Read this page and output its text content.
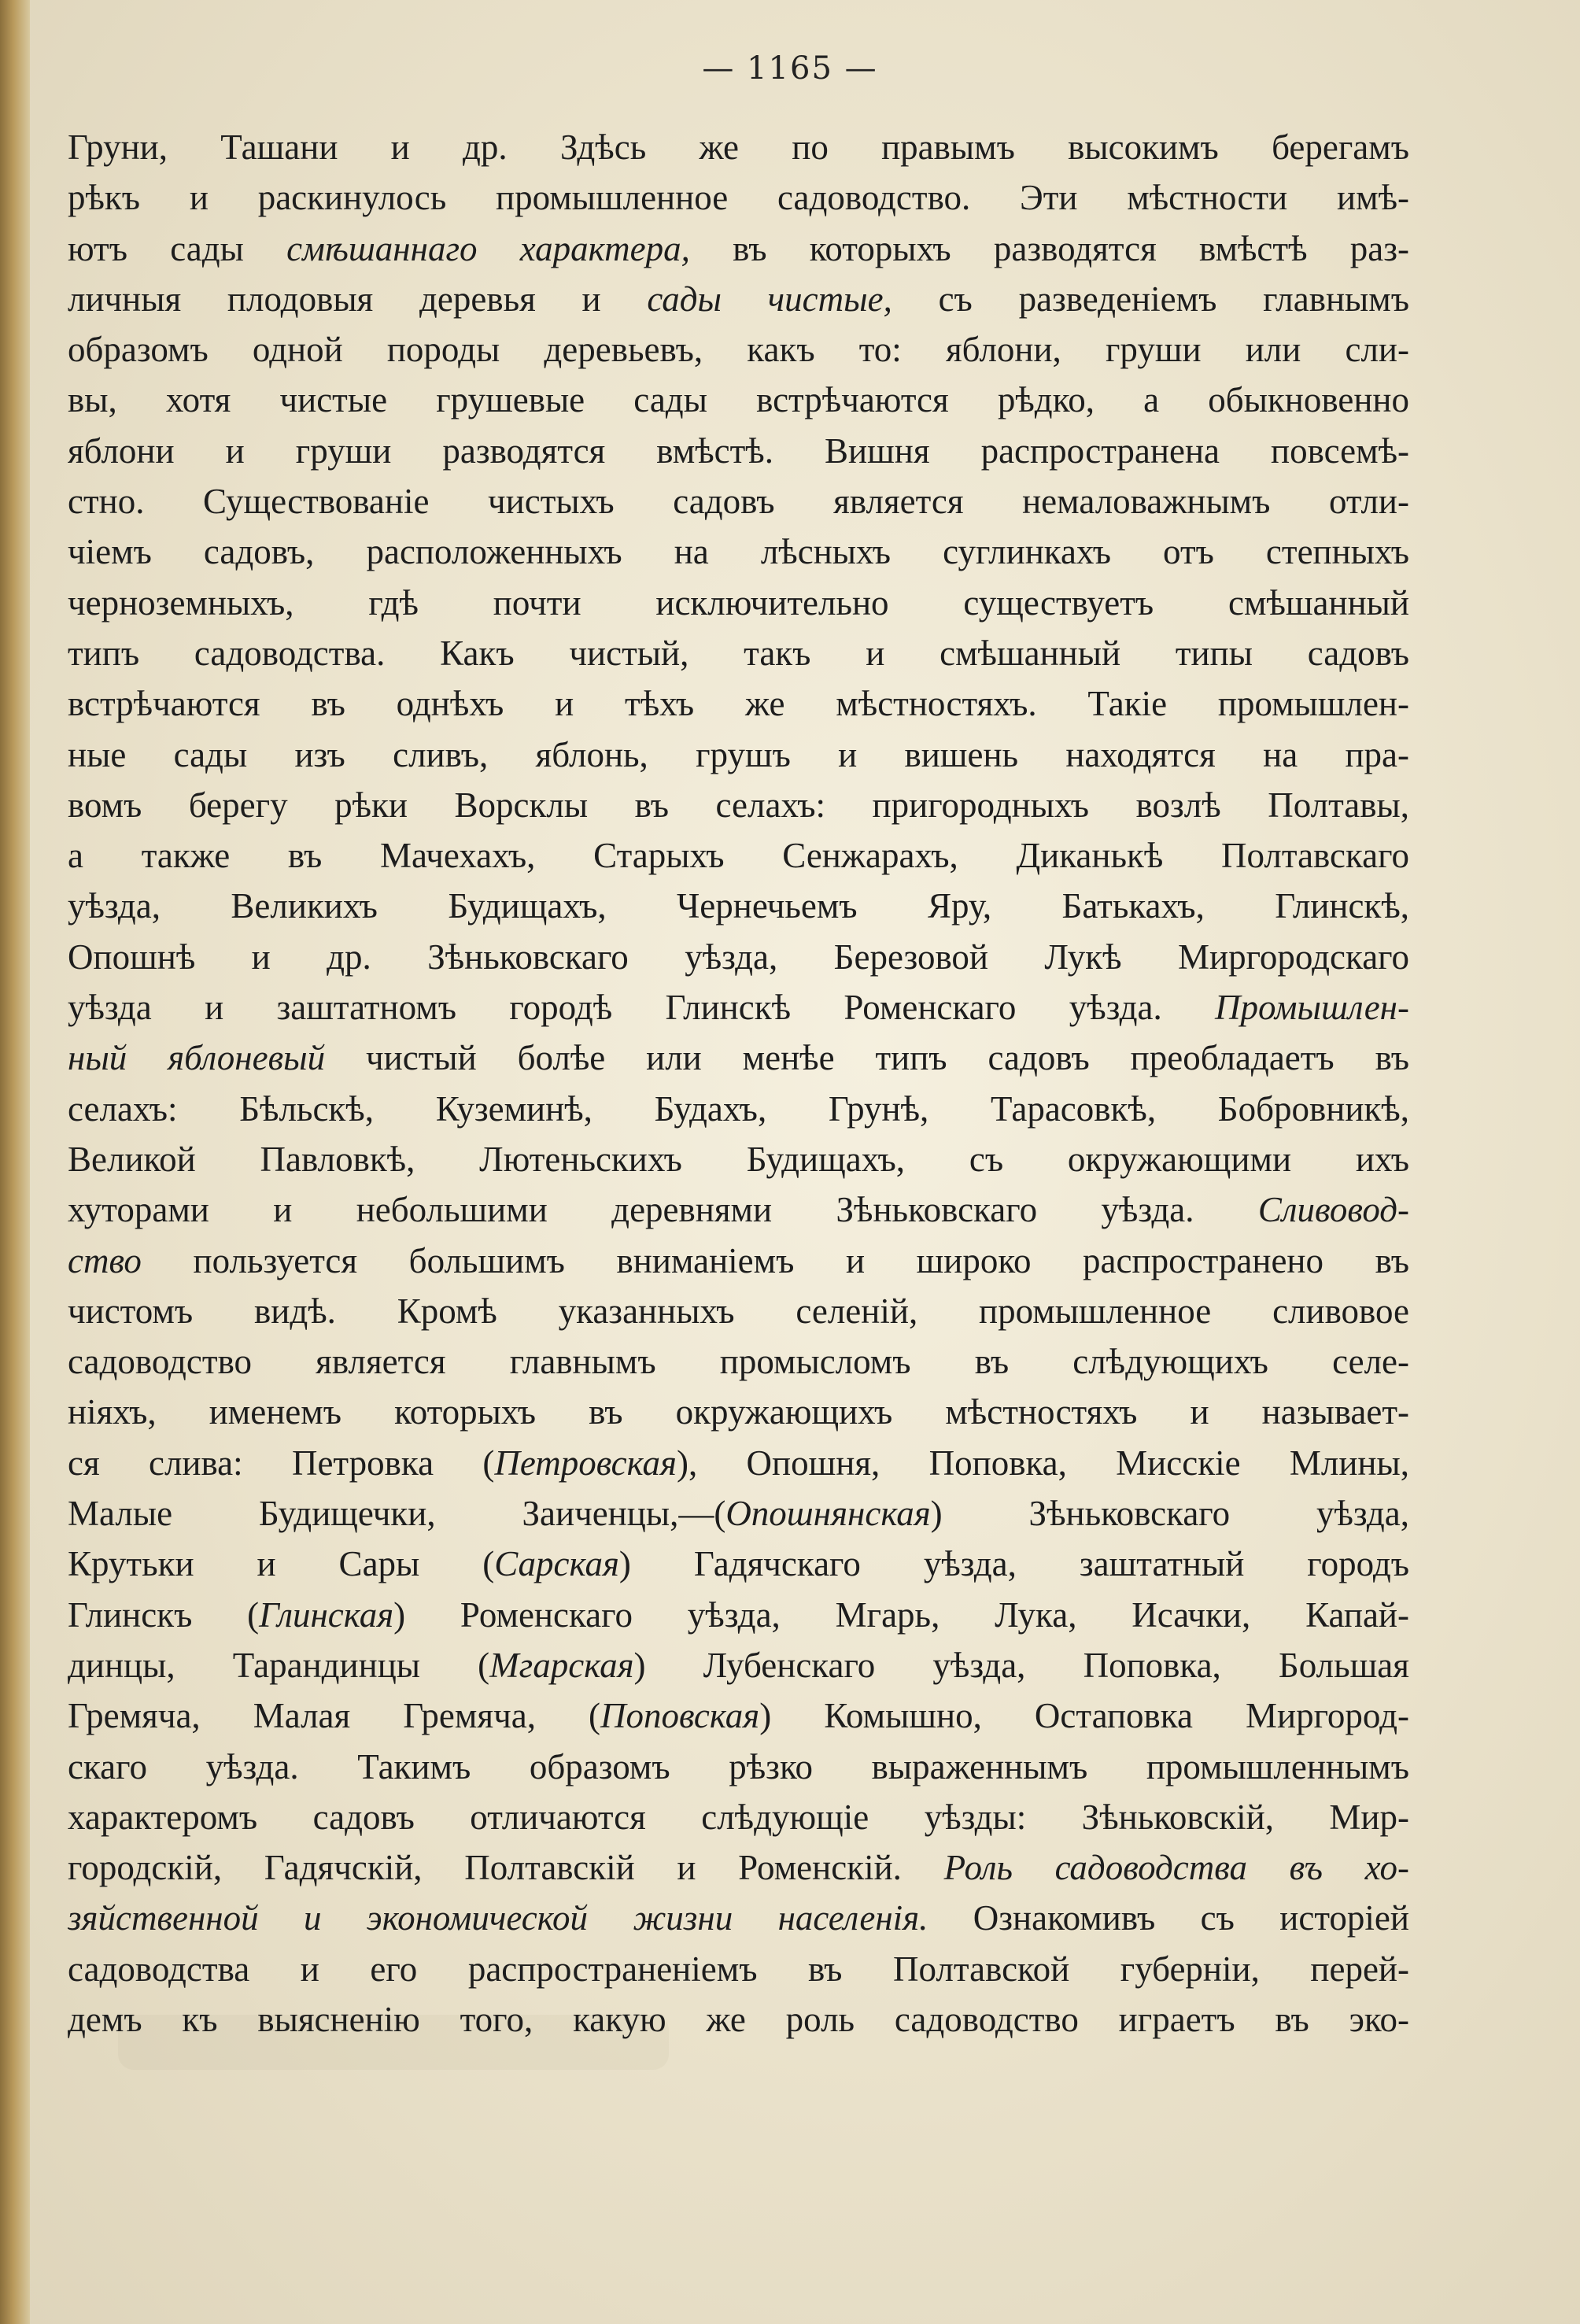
— 1165 —
Груни, Ташани и др. Здѣсь же по правымъ высокимъ берегамъ
рѣкъ и раскинулось промышленное садоводство. Эти мѣстности имѣ-
ютъ сады смѣшаннаго характера, въ которыхъ разводятся вмѣстѣ раз-
личныя плодовыя деревья и сады чистые, съ разведеніемъ главнымъ
образомъ одной породы деревьевъ, какъ то: яблони, груши или сли-
вы, хотя чистые грушевые сады встрѣчаются рѣдко, а обыкновенно
яблони и груши разводятся вмѣстѣ. Вишня распространена повсемѣ-
стно. Существованіе чистыхъ садовъ является немаловажнымъ отли-
чіемъ садовъ, расположенныхъ на лѣсныхъ суглинкахъ отъ степныхъ
черноземныхъ, гдѣ почти исключительно существуетъ смѣшанный
типъ садоводства. Какъ чистый, такъ и смѣшанный типы садовъ
встрѣчаются въ однѣхъ и тѣхъ же мѣстностяхъ. Такіе промышлен-
ные сады изъ сливъ, яблонь, грушъ и вишень находятся на пра-
вомъ берегу рѣки Ворсклы въ селахъ: пригородныхъ возлѣ Полтавы,
а также въ Мачехахъ, Старыхъ Сенжарахъ, Диканькѣ Полтавскаго
уѣзда, Великихъ Будищахъ, Чернечьемъ Яру, Батькахъ, Глинскѣ,
Опошнѣ и др. Зѣньковскаго уѣзда, Березовой Лукѣ Миргородскаго
уѣзда и заштатномъ городѣ Глинскѣ Роменскаго уѣзда. Промышлен-
ный яблоневый чистый болѣе или менѣе типъ садовъ преобладаетъ въ
селахъ: Бѣльскѣ, Куземинѣ, Будахъ, Грунѣ, Тарасовкѣ, Бобровникѣ,
Великой Павловкѣ, Лютеньскихъ Будищахъ, съ окружающими ихъ
хуторами и небольшими деревнями Зѣньковскаго уѣзда. Сливовод-
ство пользуется большимъ вниманіемъ и широко распространено въ
чистомъ видѣ. Кромѣ указанныхъ селеній, промышленное сливовое
садоводство является главнымъ промысломъ въ слѣдующихъ селе-
ніяхъ, именемъ которыхъ въ окружающихъ мѣстностяхъ и называет-
ся слива: Петровка (Петровская), Опошня, Поповка, Мисскіе Млины,
Малые Будищечки, Заиченцы,—(Опошнянская) Зѣньковскаго уѣзда,
Крутьки и Сары (Сарская) Гадячскаго уѣзда, заштатный городъ
Глинскъ (Глинская) Роменскаго уѣзда, Мгарь, Лука, Исачки, Капай-
динцы, Тарандинцы (Мгарская) Лубенскаго уѣзда, Поповка, Большая
Гремяча, Малая Гремяча, (Поповская) Комышно, Остаповка Миргород-
скаго уѣзда. Такимъ образомъ рѣзко выраженнымъ промышленнымъ
характеромъ садовъ отличаются слѣдующіе уѣзды: Зѣньковскій, Мир-
городскій, Гадячскій, Полтавскій и Роменскій. Роль садоводства въ хо-
зяйственной и экономической жизни населенія. Ознакомивъ съ исторіей
садоводства и его распространеніемъ въ Полтавской губерніи, перей-
демъ къ выясненію того, какую же роль садоводство играетъ въ эко-
